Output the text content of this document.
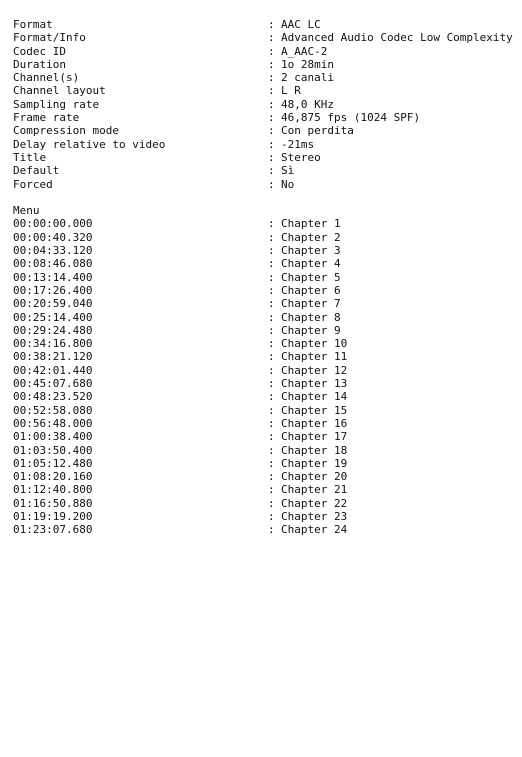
Format	: AAC LC
Format/Info	: Advanced Audio Codec Low Complexity
Codec ID	: A_AAC-2
Duration	: 1o 28min
Channel(s)	: 2 canali
Channel layout	: L R
Sampling rate	: 48,0 KHz
Frame rate	: 46,875 fps (1024 SPF)
Compression mode	: Con perdita
Delay relative to video	: -21ms
Title	: Stereo
Default	: Sì
Forced	: No
Menu
00:00:00.000	: Chapter 1
00:00:40.320	: Chapter 2
00:04:33.120	: Chapter 3
00:08:46.080	: Chapter 4
00:13:14.400	: Chapter 5
00:17:26.400	: Chapter 6
00:20:59.040	: Chapter 7
00:25:14.400	: Chapter 8
00:29:24.480	: Chapter 9
00:34:16.800	: Chapter 10
00:38:21.120	: Chapter 11
00:42:01.440	: Chapter 12
00:45:07.680	: Chapter 13
00:48:23.520	: Chapter 14
00:52:58.080	: Chapter 15
00:56:48.000	: Chapter 16
01:00:38.400	: Chapter 17
01:03:50.400	: Chapter 18
01:05:12.480	: Chapter 19
01:08:20.160	: Chapter 20
01:12:40.800	: Chapter 21
01:16:50.880	: Chapter 22
01:19:19.200	: Chapter 23
01:23:07.680	: Chapter 24
